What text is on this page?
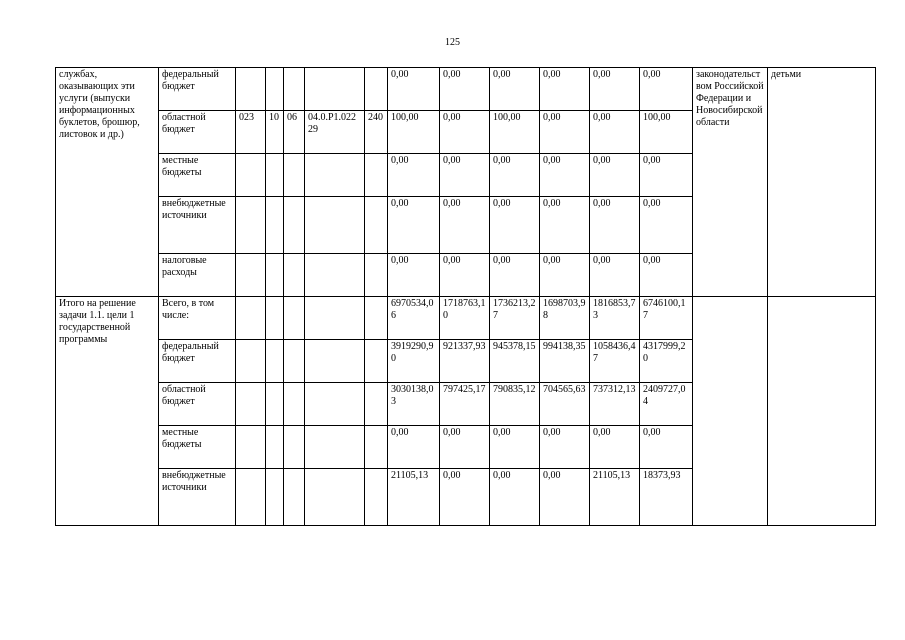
125
службах, оказывающих эти услуги (выпуски информационных буклетов, брошюр, листовок и др.)	федеральный бюджет						0,00	0,00	0,00	0,00	0,00	0,00	законодательством Российской Федерации и Новосибирской области	детьми
	областной бюджет	023	10	06	04.0.Р1.02229	240	100,00	0,00	100,00	0,00	0,00	100,00		
	местные бюджеты						0,00	0,00	0,00	0,00	0,00	0,00		
	внебюджетные источники						0,00	0,00	0,00	0,00	0,00	0,00		
	налоговые расходы						0,00	0,00	0,00	0,00	0,00	0,00		
Итого на решение задачи 1.1. цели 1 государственной программы	Всего, в том числе:						6970534,06	1718763,10	1736213,27	1698703,98	1816853,73	6746100,17		
	федеральный бюджет						3919290,90	921337,93	945378,15	994138,35	1058436,47	4317999,20		
	областной бюджет						3030138,03	797425,17	790835,12	704565,63	737312,13	2409727,04		
	местные бюджеты						0,00	0,00	0,00	0,00	0,00	0,00		
	внебюджетные источники						21105,13	0,00	0,00	0,00	21105,13	18373,93		
